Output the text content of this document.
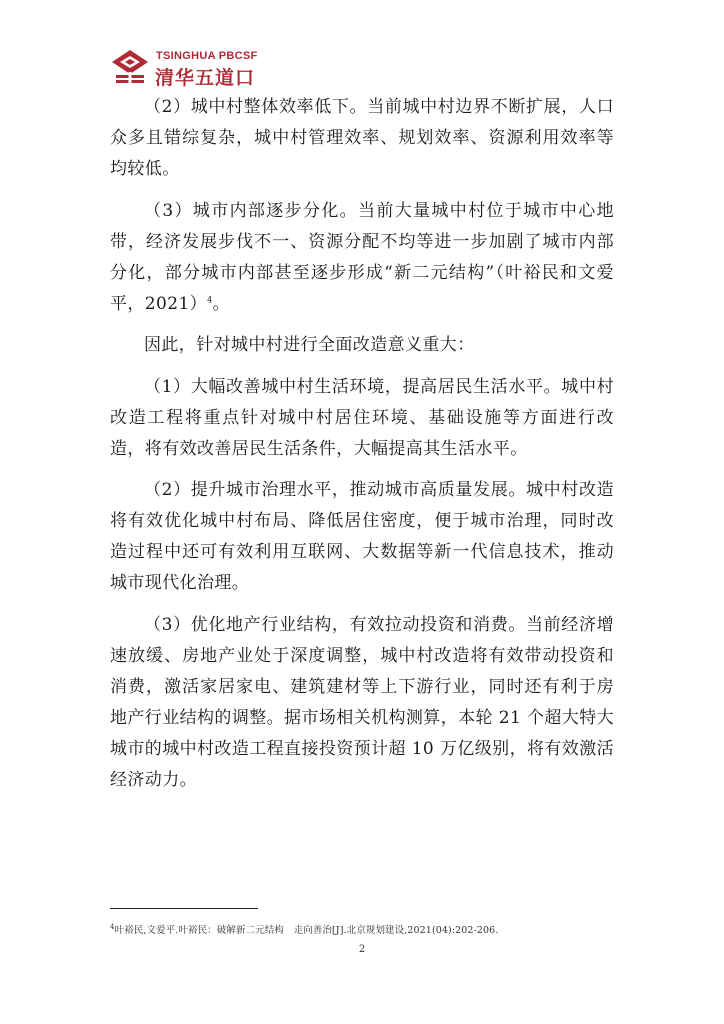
TSINGHUA PBCSF
清华五道口

（2）城中村整体效率低下。当前城中村边界不断扩展，人口众多且错综复杂，城中村管理效率、规划效率、资源利用效率等均较低。

（3）城市内部逐步分化。当前大量城中村位于城市中心地带，经济发展步伐不一、资源分配不均等进一步加剧了城市内部分化，部分城市内部甚至逐步形成“新二元结构”（叶裕民和文爱平，2021）$^4$。

因此，针对城中村进行全面改造意义重大：

（1）大幅改善城中村生活环境，提高居民生活水平。城中村改造工程将重点针对城中村居住环境、基础设施等方面进行改造，将有效改善居民生活条件，大幅提高其生活水平。

（2）提升城市治理水平，推动城市高质量发展。城中村改造将有效优化城中村布局、降低居住密度，便于城市治理，同时改造过程中还可有效利用互联网、大数据等新一代信息技术，推动城市现代化治理。

（3）优化地产行业结构，有效拉动投资和消费。当前经济增速放缓、房地产业处于深度调整，城中村改造将有效带动投资和消费，激活家居家电、建筑建材等上下游行业，同时还有利于房地产行业结构的调整。据市场相关机构测算，本轮 21 个超大特大城市的城中村改造工程直接投资预计超 10 万亿级别，将有效激活经济动力。

$^4$叶裕民,文爱平.叶裕民：破解新二元结构　走向善治[J].北京规划建设,2021(04):202-206.
2
